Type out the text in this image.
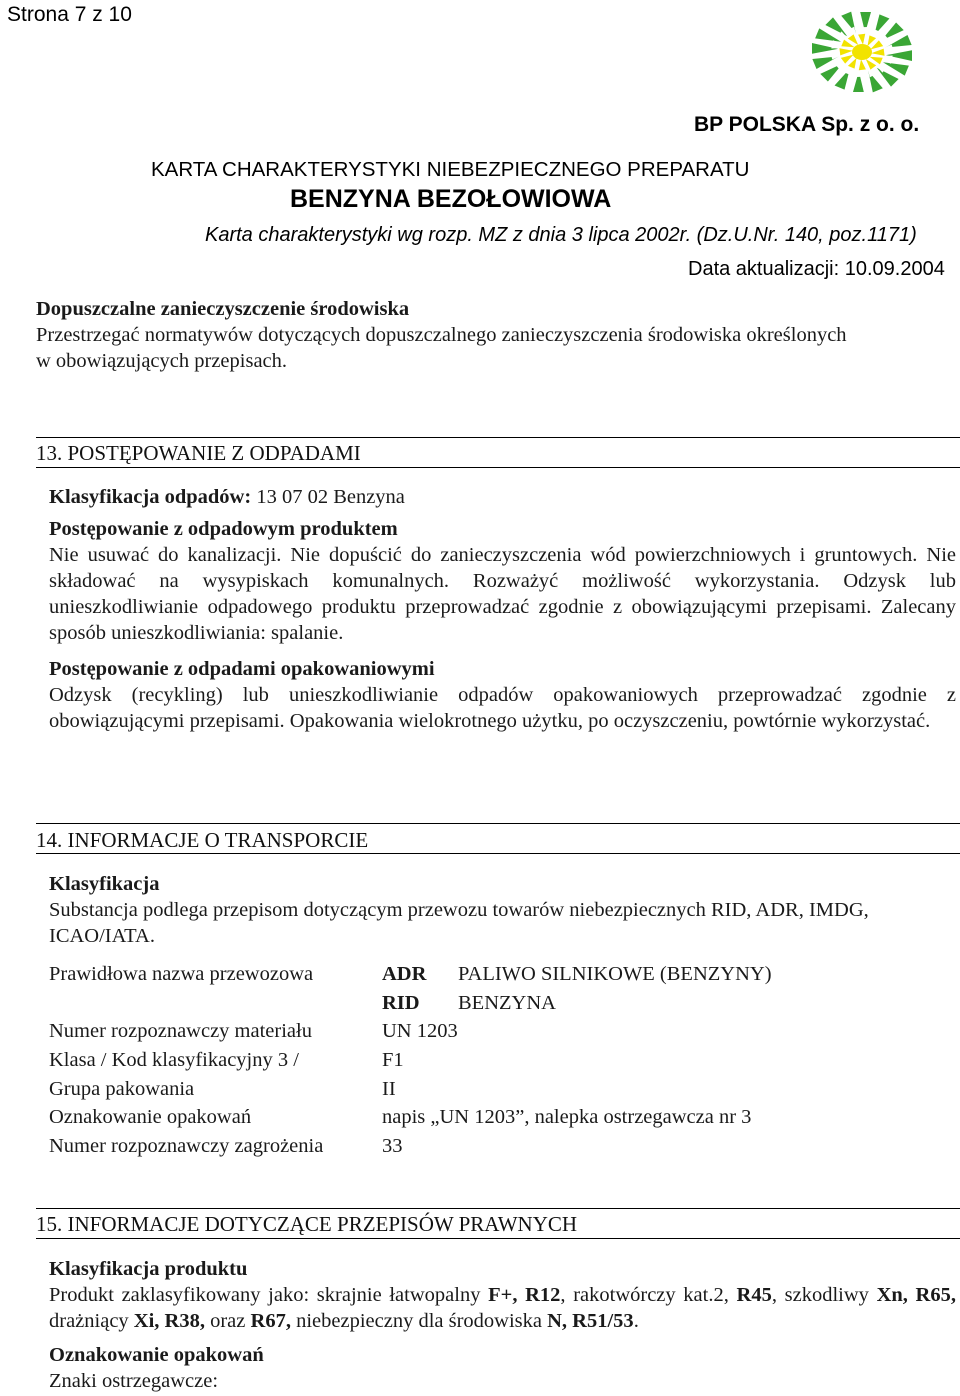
Strona 7 z 10
BP POLSKA Sp. z o. o.
KARTA CHARAKTERYSTYKI NIEBEZPIECZNEGO PREPARATU
BENZYNA BEZOŁOWIOWA
Karta charakterystyki wg rozp. MZ z dnia 3 lipca 2002r. (Dz.U.Nr. 140, poz.1171)
Data aktualizacji: 10.09.2004
Dopuszczalne zanieczyszczenie środowiska
Przestrzegać normatywów dotyczących dopuszczalnego zanieczyszczenia środowiska określonych
w obowiązujących przepisach.
13. POSTĘPOWANIE Z ODPADAMI
Klasyfikacja odpadów: 13 07 02 Benzyna
Postępowanie z odpadowym produktem
Nie usuwać do kanalizacji. Nie dopuścić do zanieczyszczenia wód powierzchniowych i gruntowych. Nie składować na wysypiskach komunalnych. Rozważyć możliwość wykorzystania. Odzysk lub unieszkodliwianie odpadowego produktu przeprowadzać zgodnie z obowiązującymi przepisami. Zalecany sposób unieszkodliwiania: spalanie.
Postępowanie z odpadami opakowaniowymi
Odzysk (recykling) lub unieszkodliwianie odpadów opakowaniowych przeprowadzać zgodnie z obowiązującymi przepisami. Opakowania wielokrotnego użytku, po oczyszczeniu, powtórnie wykorzystać.
14. INFORMACJE O TRANSPORCIE
Klasyfikacja
Substancja podlega przepisom dotyczącym przewozu towarów niebezpiecznych RID, ADR, IMDG, ICAO/IATA.
Prawidłowa nazwa przewozowa	ADR	PALIWO SILNIKOWE (BENZYNY)
	RID	BENZYNA
Numer rozpoznawczy materiału	UN 1203	
Klasa / Kod klasyfikacyjny 3 /	F1	
Grupa pakowania	II	
Oznakowanie opakowań	napis „UN 1203”, nalepka ostrzegawcza nr 3	
Numer rozpoznawczy zagrożenia	33	
15. INFORMACJE DOTYCZĄCE PRZEPISÓW PRAWNYCH
Klasyfikacja produktu
Produkt zaklasyfikowany jako: skrajnie łatwopalny F+, R12, rakotwórczy kat.2, R45, szkodliwy Xn, R65, drażniący Xi, R38, oraz R67, niebezpieczny dla środowiska N, R51/53.
Oznakowanie opakowań
Znaki ostrzegawcze:
